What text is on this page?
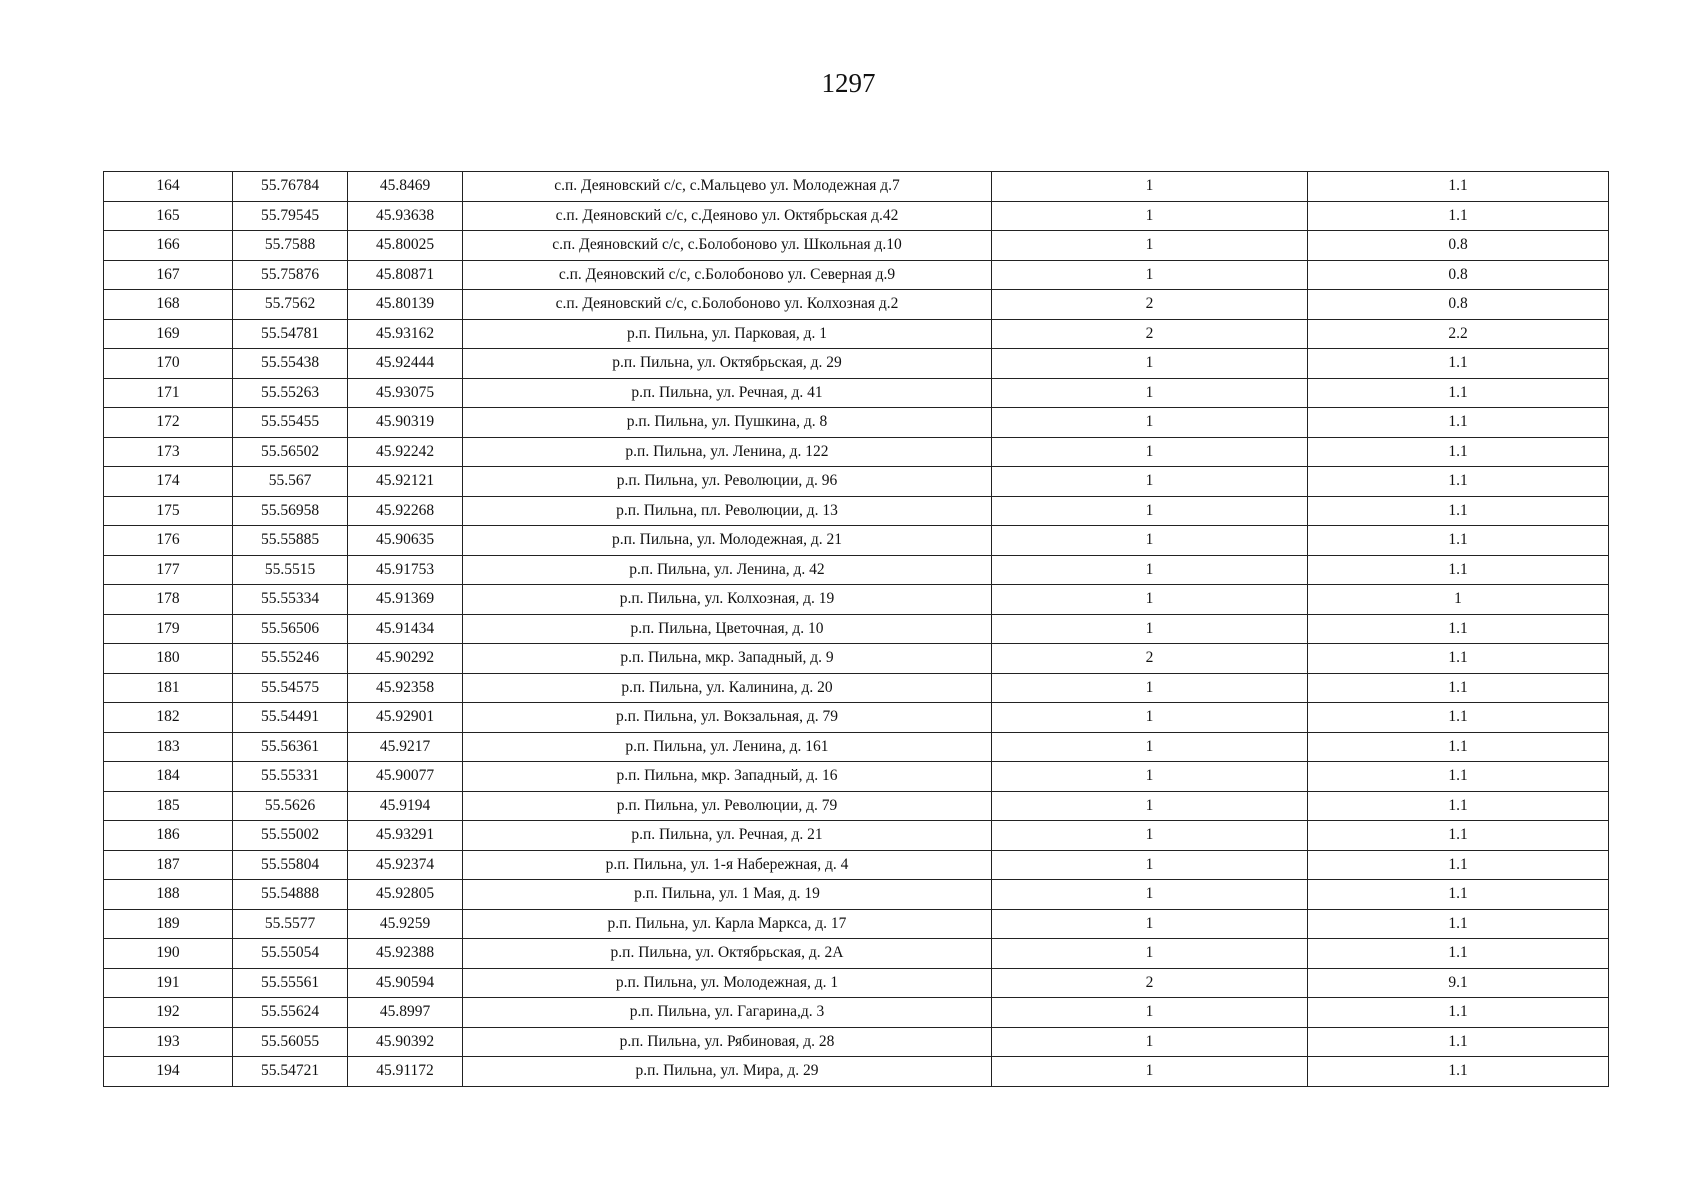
1297
164	55.76784	45.8469	с.п. Деяновский с/с, с.Мальцево ул. Молодежная д.7	1	1.1
165	55.79545	45.93638	с.п. Деяновский с/с, с.Деяново ул. Октябрьская д.42	1	1.1
166	55.7588	45.80025	с.п. Деяновский с/с, с.Болобоново ул. Школьная д.10	1	0.8
167	55.75876	45.80871	с.п. Деяновский с/с, с.Болобоново ул. Северная д.9	1	0.8
168	55.7562	45.80139	с.п. Деяновский с/с, с.Болобоново ул. Колхозная д.2	2	0.8
169	55.54781	45.93162	р.п. Пильна, ул. Парковая, д. 1	2	2.2
170	55.55438	45.92444	р.п. Пильна, ул. Октябрьская, д. 29	1	1.1
171	55.55263	45.93075	р.п. Пильна, ул. Речная, д. 41	1	1.1
172	55.55455	45.90319	р.п. Пильна, ул. Пушкина, д. 8	1	1.1
173	55.56502	45.92242	р.п. Пильна, ул. Ленина, д. 122	1	1.1
174	55.567	45.92121	р.п. Пильна, ул. Революции, д. 96	1	1.1
175	55.56958	45.92268	р.п. Пильна, пл. Революции, д. 13	1	1.1
176	55.55885	45.90635	р.п. Пильна, ул. Молодежная, д. 21	1	1.1
177	55.5515	45.91753	р.п. Пильна, ул. Ленина, д. 42	1	1.1
178	55.55334	45.91369	р.п. Пильна, ул. Колхозная, д. 19	1	1
179	55.56506	45.91434	р.п. Пильна, Цветочная, д. 10	1	1.1
180	55.55246	45.90292	р.п. Пильна, мкр. Западный, д. 9	2	1.1
181	55.54575	45.92358	р.п. Пильна, ул. Калинина, д. 20	1	1.1
182	55.54491	45.92901	р.п. Пильна, ул. Вокзальная, д. 79	1	1.1
183	55.56361	45.9217	р.п. Пильна, ул. Ленина, д. 161	1	1.1
184	55.55331	45.90077	р.п. Пильна, мкр. Западный, д. 16	1	1.1
185	55.5626	45.9194	р.п. Пильна, ул. Революции, д. 79	1	1.1
186	55.55002	45.93291	р.п. Пильна, ул. Речная, д. 21	1	1.1
187	55.55804	45.92374	р.п. Пильна, ул. 1-я Набережная, д. 4	1	1.1
188	55.54888	45.92805	р.п. Пильна, ул. 1 Мая, д. 19	1	1.1
189	55.5577	45.9259	р.п. Пильна, ул. Карла Маркса, д. 17	1	1.1
190	55.55054	45.92388	р.п. Пильна, ул. Октябрьская, д. 2А	1	1.1
191	55.55561	45.90594	р.п. Пильна, ул. Молодежная, д. 1	2	9.1
192	55.55624	45.8997	р.п. Пильна, ул. Гагарина,д. 3	1	1.1
193	55.56055	45.90392	р.п. Пильна, ул. Рябиновая, д. 28	1	1.1
194	55.54721	45.91172	р.п. Пильна, ул. Мира, д. 29	1	1.1
